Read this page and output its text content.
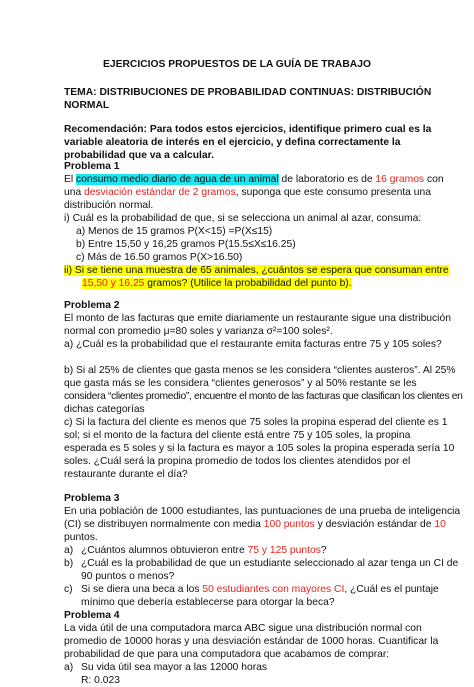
EJERCICIOS PROPUESTOS DE LA GUÍA DE TRABAJO
TEMA: DISTRIBUCIONES DE PROBABILIDAD CONTINUAS: DISTRIBUCIÓN
NORMAL
Recomendación: Para todos estos ejercicios, identifique primero cual es la
variable aleatoria de interés en el ejercicio, y defina correctamente la
probabilidad que va a calcular.
Problema 1
El consumo medio diario de agua de un animal de laboratorio es de 16 gramos con
una desviación estándar de 2 gramos, suponga que este consumo presenta una
distribución normal.
i) Cuál es la probabilidad de que, si se selecciona un animal al azar, consuma:
a) Menos de 15 gramos P(X<15) =P(X≤15)
b) Entre 15,50 y 16,25 gramos P(15.5≤X≤16.25)
c) Más de 16.50 gramos P(X>16.50)
ii) Si se tiene una muestra de 65 animales, ¿cuántos se espera que consuman entre
15,50 y 16,25 gramos? (Utilice la probabilidad del punto b).
Problema 2
El monto de las facturas que emite diariamente un restaurante sigue una distribución
normal con promedio μ=80 soles y varianza σ²=100 soles².
a) ¿Cuál es la probabilidad que el restaurante emita facturas entre 75 y 105 soles?
b) Si al 25% de clientes que gasta menos se les considera “clientes austeros”. Al 25%
que gasta más se les considera “clientes generosos” y al 50% restante se les
considera “clientes promedio”, encuentre el monto de las facturas que clasifican los clientes en
dichas categorías
c) Si la factura del cliente es menos que 75 soles la propina esperad del cliente es 1
sol; si el monto de la factura del cliente está entre 75 y 105 soles, la propina
esperada es 5 soles y si la factura es mayor a 105 soles la propina esperada sería 10
soles. ¿Cuál será la propina promedio de todos los clientes atendidos por el
restaurante durante el día?
Problema 3
En una población de 1000 estudiantes, las puntuaciones de una prueba de inteligencia
(CI) se distribuyen normalmente con media 100 puntos y desviación estándar de 10
puntos.
a) ¿Cuántos alumnos obtuvieron entre 75 y 125 puntos?
b) ¿Cuál es la probabilidad de que un estudiante seleccionado al azar tenga un CI de
90 puntos o menos?
c) Si se diera una beca a los 50 estudiantes con mayores CI, ¿Cuál es el puntaje
mínimo que debería establecerse para otorgar la beca?
Problema 4
La vida útil de una computadora marca ABC sigue una distribución normal con
promedio de 10000 horas y una desviación estándar de 1000 horas. Cuantificar la
probabilidad de que para una computadora que acabamos de comprar:
a) Su vida útil sea mayor a las 12000 horas
R: 0.023
